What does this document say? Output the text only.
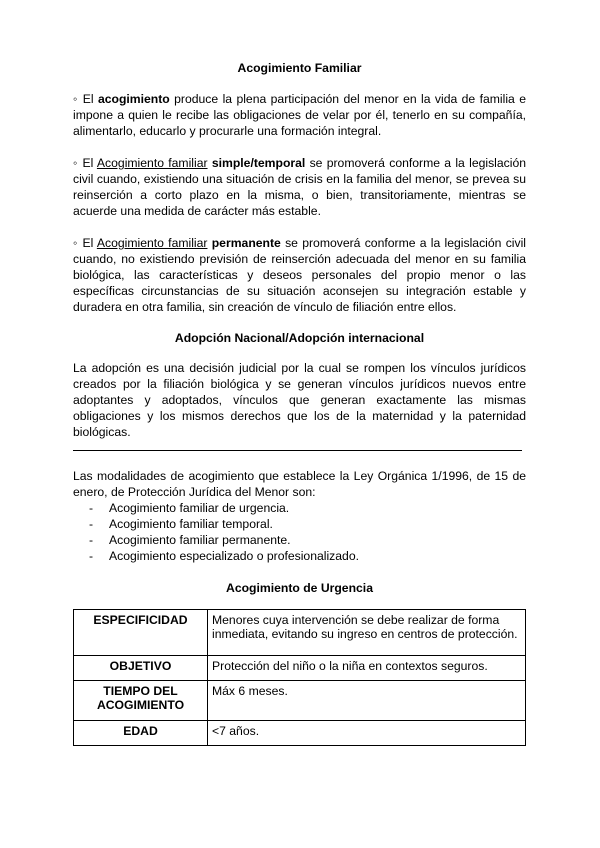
Acogimiento Familiar

◦ El acogimiento produce la plena participación del menor en la vida de familia e impone a quien le recibe las obligaciones de velar por él, tenerlo en su compañía, alimentarlo, educarlo y procurarle una formación integral.

◦ El Acogimiento familiar simple/temporal se promoverá conforme a la legislación civil cuando, existiendo una situación de crisis en la familia del menor, se prevea su reinserción a corto plazo en la misma, o bien, transitoriamente, mientras se acuerde una medida de carácter más estable.

◦ El Acogimiento familiar permanente se promoverá conforme a la legislación civil cuando, no existiendo previsión de reinserción adecuada del menor en su familia biológica, las características y deseos personales del propio menor o las específicas circunstancias de su situación aconsejen su integración estable y duradera en otra familia, sin creación de vínculo de filiación entre ellos.

Adopción Nacional/Adopción internacional

La adopción es una decisión judicial por la cual se rompen los vínculos jurídicos creados por la filiación biológica y se generan vínculos jurídicos nuevos entre adoptantes y adoptados, vínculos que generan exactamente las mismas obligaciones y los mismos derechos que los de la maternidad y la paternidad biológicas.

Las modalidades de acogimiento que establece la Ley Orgánica 1/1996, de 15 de enero, de Protección Jurídica del Menor son:

- Acogimiento familiar de urgencia.
- Acogimiento familiar temporal.
- Acogimiento familiar permanente.
- Acogimiento especializado o profesionalizado.
Acogimiento de Urgencia
ESPECIFICIDAD	Menores cuya intervención se debe realizar de forma inmediata, evitando su ingreso en centros de protección.
OBJETIVO	Protección del niño o la niña en contextos seguros.
TIEMPO DEL ACOGIMIENTO	Máx 6 meses.
EDAD	<7 años.
